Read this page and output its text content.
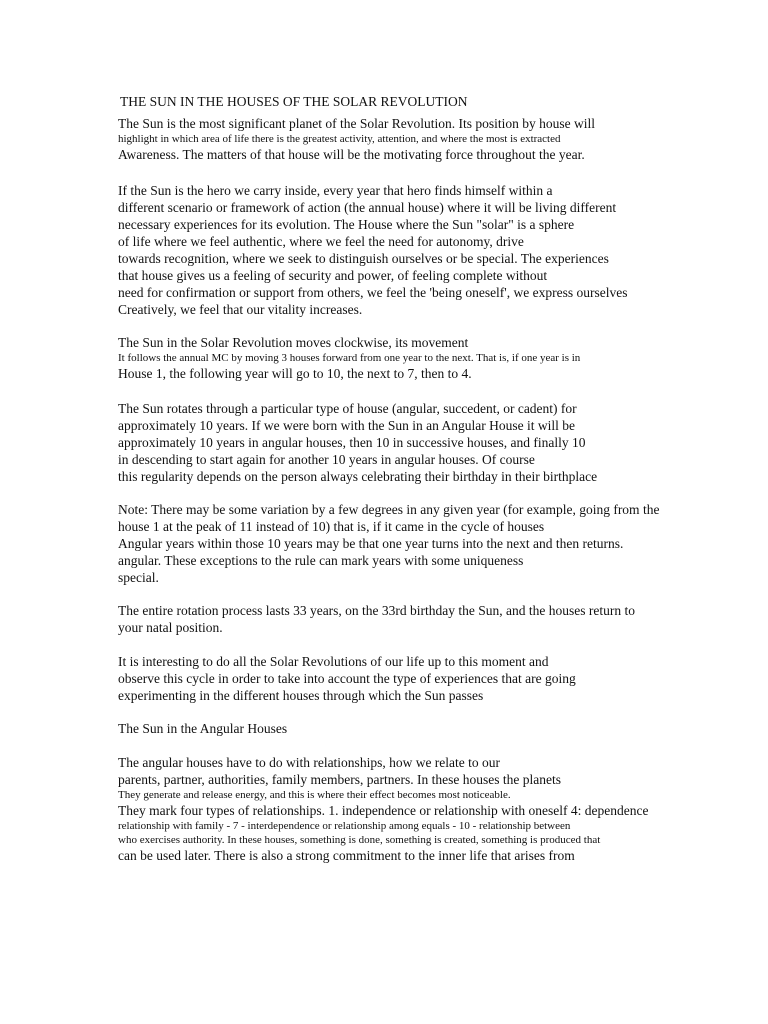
THE SUN IN THE HOUSES OF THE SOLAR REVOLUTION
The Sun is the most significant planet of the Solar Revolution. Its position by house will
highlight in which area of life there is the greatest activity, attention, and where the most is extracted
Awareness. The matters of that house will be the motivating force throughout the year.
If the Sun is the hero we carry inside, every year that hero finds himself within a
different scenario or framework of action (the annual house) where it will be living different
necessary experiences for its evolution. The House where the Sun "solar" is a sphere
of life where we feel authentic, where we feel the need for autonomy, drive
towards recognition, where we seek to distinguish ourselves or be special. The experiences
that house gives us a feeling of security and power, of feeling complete without
need for confirmation or support from others, we feel the 'being oneself', we express ourselves
Creatively, we feel that our vitality increases.
The Sun in the Solar Revolution moves clockwise, its movement
It follows the annual MC by moving 3 houses forward from one year to the next. That is, if one year is in
House 1, the following year will go to 10, the next to 7, then to 4.
The Sun rotates through a particular type of house (angular, succedent, or cadent) for
approximately 10 years. If we were born with the Sun in an Angular House it will be
approximately 10 years in angular houses, then 10 in successive houses, and finally 10
in descending to start again for another 10 years in angular houses. Of course
this regularity depends on the person always celebrating their birthday in their birthplace
Note: There may be some variation by a few degrees in any given year (for example, going from the
house 1 at the peak of 11 instead of 10) that is, if it came in the cycle of houses
Angular years within those 10 years may be that one year turns into the next and then returns.
angular. These exceptions to the rule can mark years with some uniqueness
special.
The entire rotation process lasts 33 years, on the 33rd birthday the Sun, and the houses return to
your natal position.
It is interesting to do all the Solar Revolutions of our life up to this moment and
observe this cycle in order to take into account the type of experiences that are going
experimenting in the different houses through which the Sun passes
The Sun in the Angular Houses
The angular houses have to do with relationships, how we relate to our
parents, partner, authorities, family members, partners. In these houses the planets
They generate and release energy, and this is where their effect becomes most noticeable.
They mark four types of relationships. 1. independence or relationship with oneself 4: dependence
relationship with family - 7 - interdependence or relationship among equals - 10 - relationship between
who exercises authority. In these houses, something is done, something is created, something is produced that
can be used later. There is also a strong commitment to the inner life that arises from
